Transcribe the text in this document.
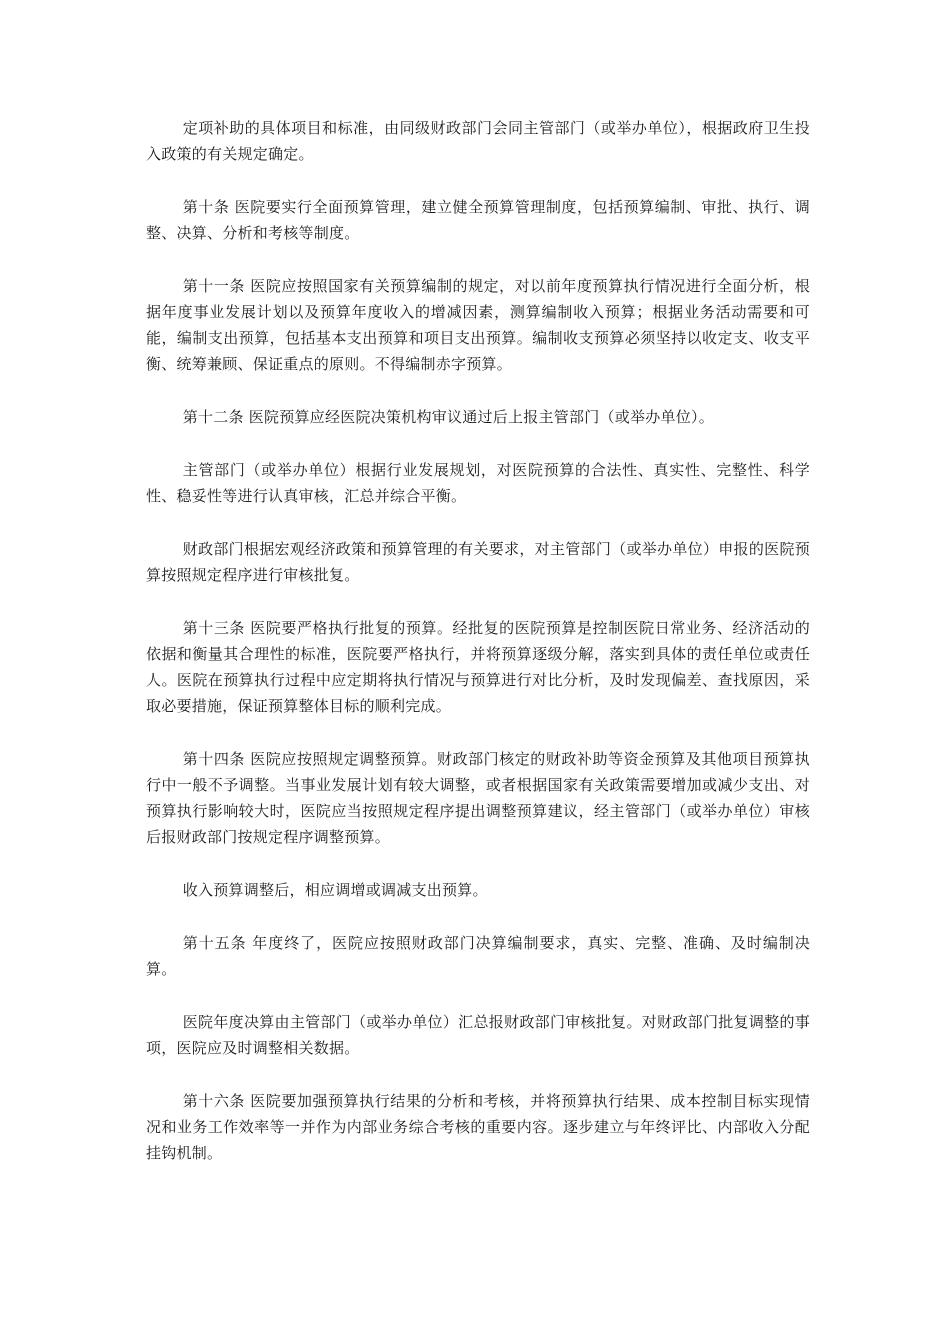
定项补助的具体项目和标准，由同级财政部门会同主管部门（或举办单位），根据政府卫生投入政策的有关规定确定。

第十条 医院要实行全面预算管理，建立健全预算管理制度，包括预算编制、审批、执行、调整、决算、分析和考核等制度。

第十一条 医院应按照国家有关预算编制的规定，对以前年度预算执行情况进行全面分析，根据年度事业发展计划以及预算年度收入的增减因素，测算编制收入预算；根据业务活动需要和可能，编制支出预算，包括基本支出预算和项目支出预算。编制收支预算必须坚持以收定支、收支平衡、统筹兼顾、保证重点的原则。不得编制赤字预算。

第十二条 医院预算应经医院决策机构审议通过后上报主管部门（或举办单位）。

主管部门（或举办单位）根据行业发展规划，对医院预算的合法性、真实性、完整性、科学性、稳妥性等进行认真审核，汇总并综合平衡。

财政部门根据宏观经济政策和预算管理的有关要求，对主管部门（或举办单位）申报的医院预算按照规定程序进行审核批复。

第十三条 医院要严格执行批复的预算。经批复的医院预算是控制医院日常业务、经济活动的依据和衡量其合理性的标准，医院要严格执行，并将预算逐级分解，落实到具体的责任单位或责任人。医院在预算执行过程中应定期将执行情况与预算进行对比分析，及时发现偏差、查找原因，采取必要措施，保证预算整体目标的顺利完成。

第十四条 医院应按照规定调整预算。财政部门核定的财政补助等资金预算及其他项目预算执行中一般不予调整。当事业发展计划有较大调整，或者根据国家有关政策需要增加或减少支出、对预算执行影响较大时，医院应当按照规定程序提出调整预算建议，经主管部门（或举办单位）审核后报财政部门按规定程序调整预算。

收入预算调整后，相应调增或调减支出预算。

第十五条 年度终了，医院应按照财政部门决算编制要求，真实、完整、准确、及时编制决算。

医院年度决算由主管部门（或举办单位）汇总报财政部门审核批复。对财政部门批复调整的事项，医院应及时调整相关数据。

第十六条 医院要加强预算执行结果的分析和考核，并将预算执行结果、成本控制目标实现情况和业务工作效率等一并作为内部业务综合考核的重要内容。逐步建立与年终评比、内部收入分配挂钩机制。
